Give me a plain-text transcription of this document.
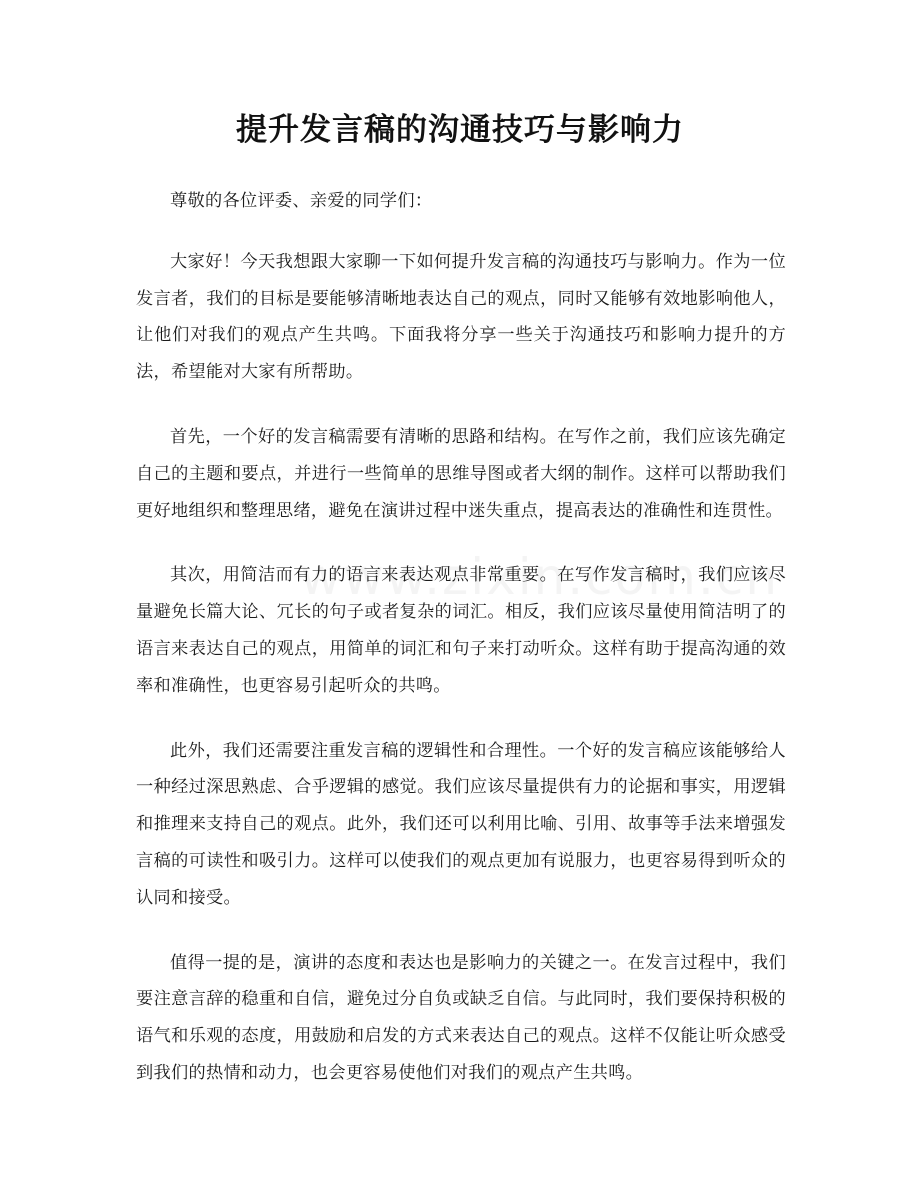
提升发言稿的沟通技巧与影响力

尊敬的各位评委、亲爱的同学们：

大家好！今天我想跟大家聊一下如何提升发言稿的沟通技巧与影响力。作为一位发言者，我们的目标是要能够清晰地表达自己的观点，同时又能够有效地影响他人，让他们对我们的观点产生共鸣。下面我将分享一些关于沟通技巧和影响力提升的方法，希望能对大家有所帮助。

首先，一个好的发言稿需要有清晰的思路和结构。在写作之前，我们应该先确定自己的主题和要点，并进行一些简单的思维导图或者大纲的制作。这样可以帮助我们更好地组织和整理思绪，避免在演讲过程中迷失重点，提高表达的准确性和连贯性。

其次，用简洁而有力的语言来表达观点非常重要。在写作发言稿时，我们应该尽量避免长篇大论、冗长的句子或者复杂的词汇。相反，我们应该尽量使用简洁明了的语言来表达自己的观点，用简单的词汇和句子来打动听众。这样有助于提高沟通的效率和准确性，也更容易引起听众的共鸣。

此外，我们还需要注重发言稿的逻辑性和合理性。一个好的发言稿应该能够给人一种经过深思熟虑、合乎逻辑的感觉。我们应该尽量提供有力的论据和事实，用逻辑和推理来支持自己的观点。此外，我们还可以利用比喻、引用、故事等手法来增强发言稿的可读性和吸引力。这样可以使我们的观点更加有说服力，也更容易得到听众的认同和接受。

值得一提的是，演讲的态度和表达也是影响力的关键之一。在发言过程中，我们要注意言辞的稳重和自信，避免过分自负或缺乏自信。与此同时，我们要保持积极的语气和乐观的态度，用鼓励和启发的方式来表达自己的观点。这样不仅能让听众感受到我们的热情和动力，也会更容易使他们对我们的观点产生共鸣。
